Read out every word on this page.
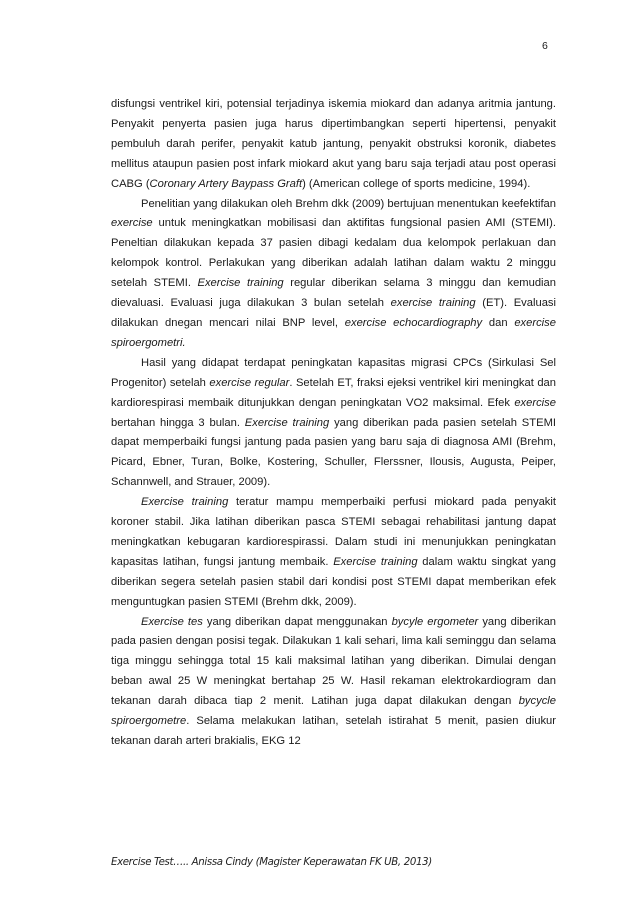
6

disfungsi ventrikel kiri, potensial terjadinya iskemia miokard dan adanya aritmia jantung. Penyakit penyerta pasien juga harus dipertimbangkan seperti hipertensi, penyakit pembuluh darah perifer, penyakit katub jantung, penyakit obstruksi koronik, diabetes mellitus ataupun pasien post infark miokard akut yang baru saja terjadi atau post operasi CABG (Coronary Artery Baypass Graft) (American college of sports medicine, 1994).

Penelitian yang dilakukan oleh Brehm dkk (2009) bertujuan menentukan keefektifan exercise untuk meningkatkan mobilisasi dan aktifitas fungsional pasien AMI (STEMI). Peneltian dilakukan kepada 37 pasien dibagi kedalam dua kelompok perlakuan dan kelompok kontrol. Perlakukan yang diberikan adalah latihan dalam waktu 2 minggu setelah STEMI. Exercise training regular diberikan selama 3 minggu dan kemudian dievaluasi. Evaluasi juga dilakukan 3 bulan setelah exercise training (ET). Evaluasi dilakukan dnegan mencari nilai BNP level, exercise echocardiography dan exercise spiroergometri.

Hasil yang didapat terdapat peningkatan kapasitas migrasi CPCs (Sirkulasi Sel Progenitor) setelah exercise regular. Setelah ET, fraksi ejeksi ventrikel kiri meningkat dan kardiorespirasi membaik ditunjukkan dengan peningkatan VO2 maksimal. Efek exercise bertahan hingga 3 bulan. Exercise training yang diberikan pada pasien setelah STEMI dapat memperbaiki fungsi jantung pada pasien yang baru saja di diagnosa AMI (Brehm, Picard, Ebner, Turan, Bolke, Kostering, Schuller, Flerssner, Ilousis, Augusta, Peiper, Schannwell, and Strauer, 2009).

Exercise training teratur mampu memperbaiki perfusi miokard pada penyakit koroner stabil. Jika latihan diberikan pasca STEMI sebagai rehabilitasi jantung dapat meningkatkan kebugaran kardiorespirassi. Dalam studi ini menunjukkan peningkatan kapasitas latihan, fungsi jantung membaik. Exercise training dalam waktu singkat yang diberikan segera setelah pasien stabil dari kondisi post STEMI dapat memberikan efek menguntugkan pasien STEMI (Brehm dkk, 2009).

Exercise tes yang diberikan dapat menggunakan bycyle ergometer yang diberikan pada pasien dengan posisi tegak. Dilakukan 1 kali sehari, lima kali seminggu dan selama tiga minggu sehingga total 15 kali maksimal latihan yang diberikan. Dimulai dengan beban awal 25 W meningkat bertahap 25 W. Hasil rekaman elektrokardiogram dan tekanan darah dibaca tiap 2 menit. Latihan juga dapat dilakukan dengan bycycle spiroergometre. Selama melakukan latihan, setelah istirahat 5 menit, pasien diukur tekanan darah arteri brakialis, EKG 12

Exercise Test….. Anissa Cindy (Magister Keperawatan FK UB, 2013)
